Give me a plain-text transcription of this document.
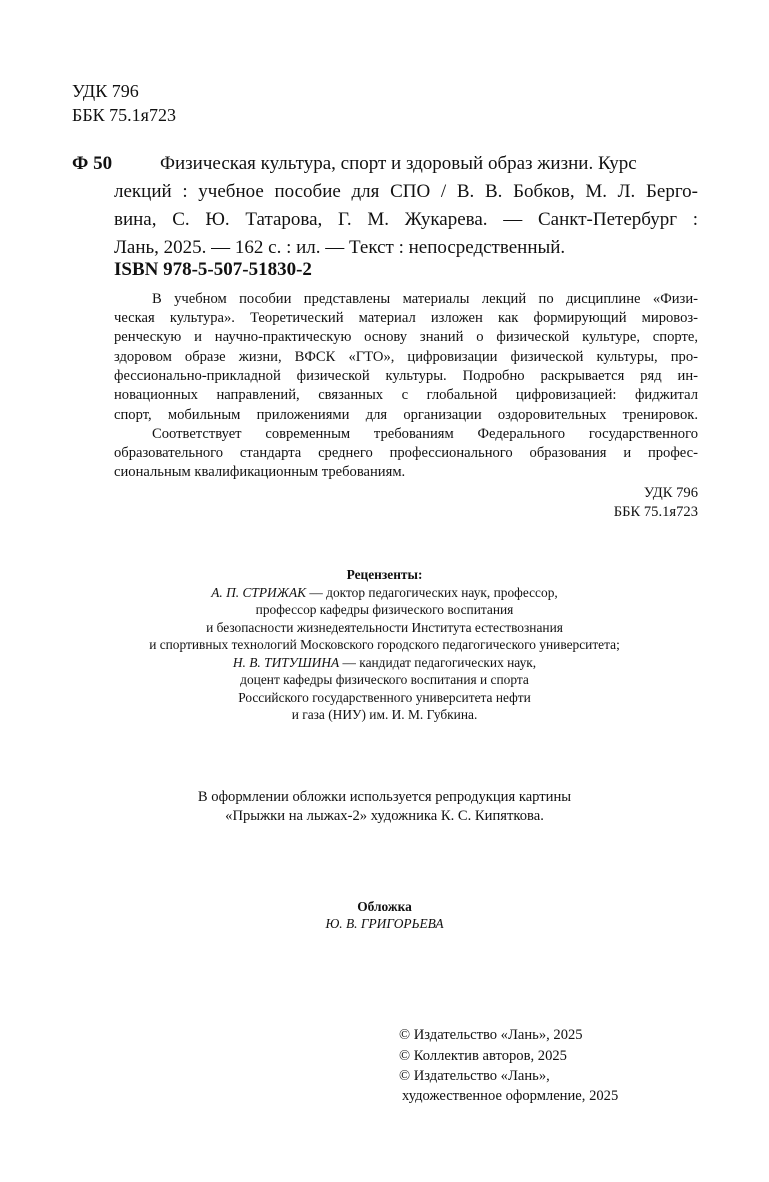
УДК 796
ББК 75.1я723
Ф 50	Физическая культура, спорт и здоровый образ жизни. Курс
лекций : учебное пособие для СПО / В. В. Бобков, М. Л. Берго-
вина, С. Ю. Татарова, Г. М. Жукарева. — Санкт-Петербург :
Лань, 2025. — 162 с. : ил. — Текст : непосредственный.
ISBN 978-5-507-51830-2
В учебном пособии представлены материалы лекций по дисциплине «Физи-
ческая культура». Теоретический материал изложен как формирующий мировоз-
ренческую и научно-практическую основу знаний о физической культуре, спорте,
здоровом образе жизни, ВФСК «ГТО», цифровизации физической культуры, про-
фессионально-прикладной физической культуры. Подробно раскрывается ряд ин-
новационных направлений, связанных с глобальной цифровизацией: фиджитал
спорт, мобильным приложениями для организации оздоровительных тренировок.
Соответствует современным требованиям Федерального государственного
образовательного стандарта среднего профессионального образования и профес-
сиональным квалификационным требованиям.
УДК 796
ББК 75.1я723
Рецензенты:
А. П. СТРИЖАК — доктор педагогических наук, профессор,
профессор кафедры физического воспитания
и безопасности жизнедеятельности Института естествознания
и спортивных технологий Московского городского педагогического университета;
Н. В. ТИТУШИНА — кандидат педагогических наук,
доцент кафедры физического воспитания и спорта
Российского государственного университета нефти
и газа (НИУ) им. И. М. Губкина.
В оформлении обложки используется репродукция картины
«Прыжки на лыжах-2» художника К. С. Кипяткова.
Обложка
Ю. В. ГРИГОРЬЕВА
© Издательство «Лань», 2025
© Коллектив авторов, 2025
© Издательство «Лань»,
художественное оформление, 2025
